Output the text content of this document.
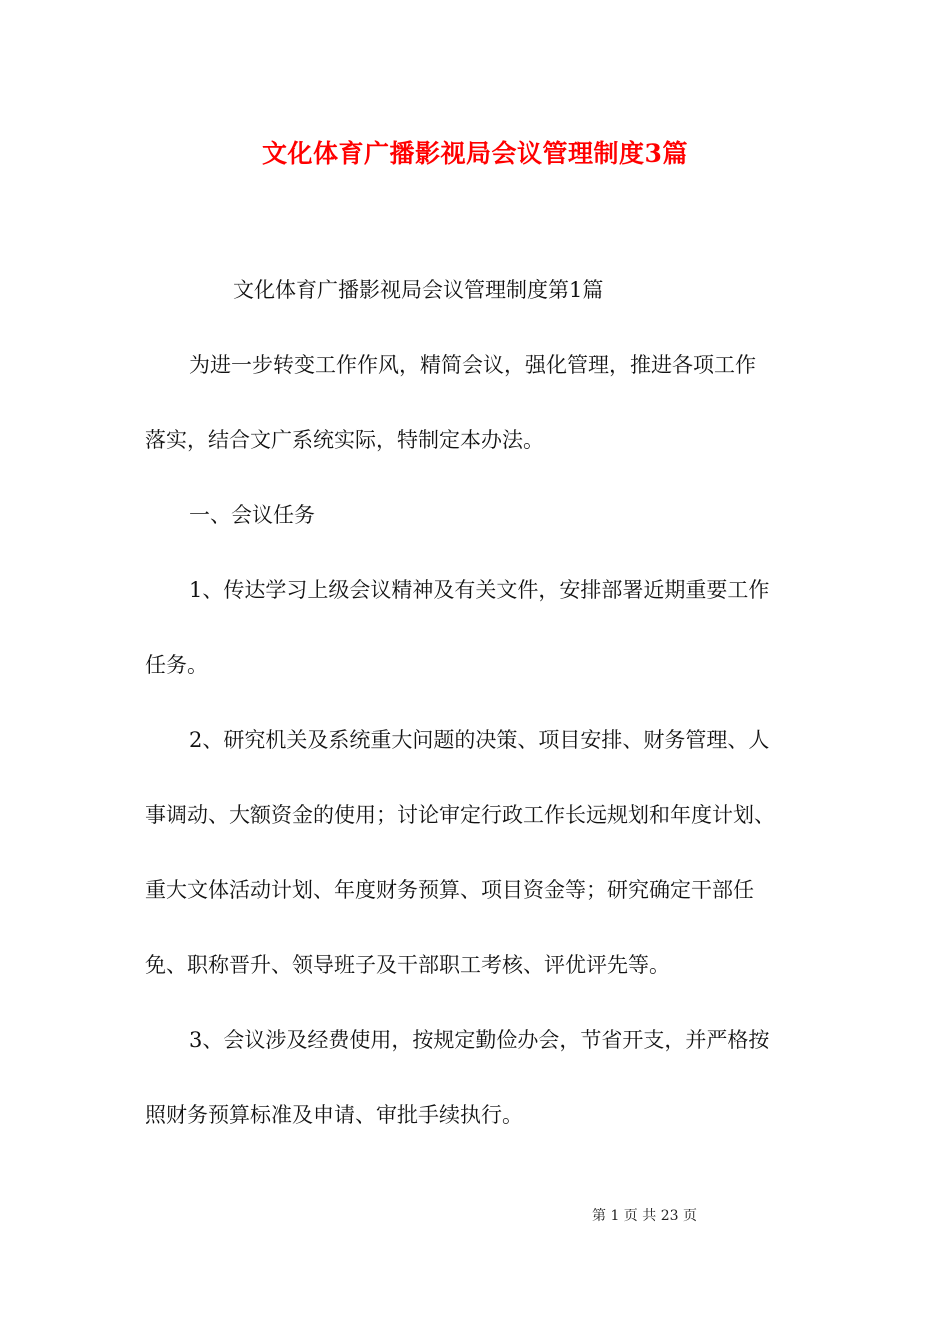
文化体育广播影视局会议管理制度3篇
文化体育广播影视局会议管理制度第1篇
为进一步转变工作作风，精简会议，强化管理，推进各项工作
落实，结合文广系统实际，特制定本办法。
一、会议任务
1、传达学习上级会议精神及有关文件，安排部署近期重要工作
任务。
2、研究机关及系统重大问题的决策、项目安排、财务管理、人
事调动、大额资金的使用；讨论审定行政工作长远规划和年度计划、
重大文体活动计划、年度财务预算、项目资金等；研究确定干部任
免、职称晋升、领导班子及干部职工考核、评优评先等。
3、会议涉及经费使用，按规定勤俭办会，节省开支，并严格按
照财务预算标准及申请、审批手续执行。
第 1 页 共 23 页
